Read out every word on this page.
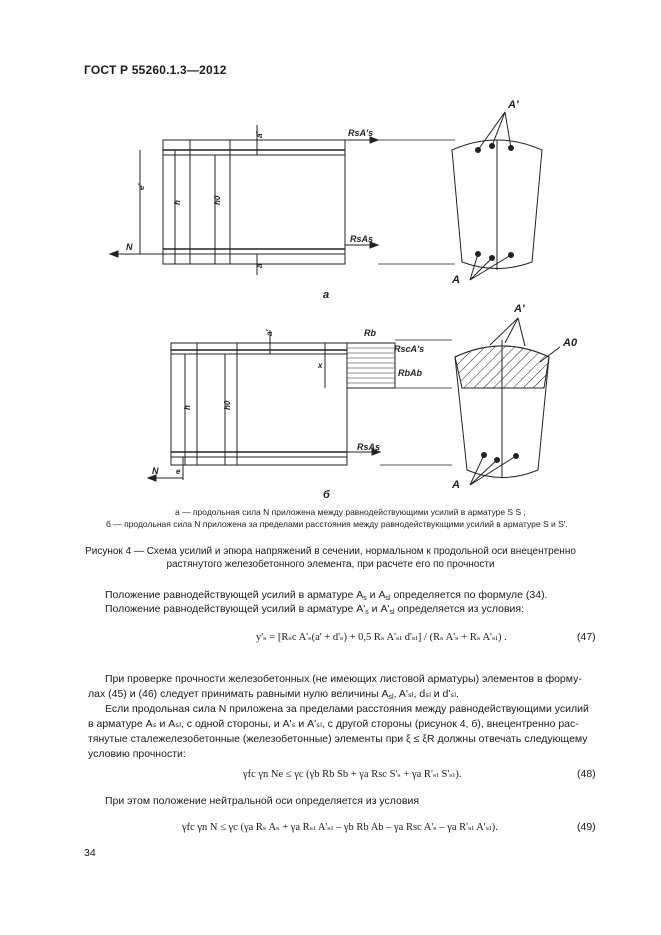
ГОСТ Р 55260.1.3—2012
RsA's
RsAs
N
A'
A
h	h0
e'
a'
a
а
Rb
RscA's
RbAb
RsAs
A0
A'
A
x
h	h0
N e
a'
б
а — продольная сила N приложена между равнодействующими усилий в арматуре S S ;
б — продольная сила N приложена за пределами расстояния между равнодействующими усилий в арматуре S и S'.
Рисунок 4 — Схема усилий и эпюра напряжений в сечении, нормальном к продольной оси внецентренно
растянутого железобетонного элемента, при расчете его по прочности
Положение равнодействующей усилий в арматуре $A_s$ и $A_{sl}$ определяется по формуле (34).
Положение равнодействующей усилий в арматуре $A'_s$ и $A'_{sl}$ определяется из условия:
y'ₛ = [Rₛc A'ₛ(a' + d'ₛ) + 0,5 Rₛ A'ₛₗ d'ₛₗ] / (Rₛ A'ₛ + Rₛ A'ₛₗ) .	(47)
При проверке прочности железобетонных (не имеющих листовой арматуры) элементов в форму-
лах (45) и (46) следует принимать равными нулю величины $A_{sl}$, A'ₛₗ, dₛₗ и d'ₛₗ.
Если продольная сила N приложена за пределами расстояния между равнодействующими усилий
в арматуре Aₛ и Aₛₗ, с одной стороны, и A'ₛ и A'ₛₗ, с другой стороны (рисунок 4, б), внецентренно рас-
тянутые сталежелезобетонные (железобетонные) элементы при ξ ≤ ξR должны отвечать следующему
условию прочности:
γfc γn Ne ≤ γc (γb Rb Sb + γa Rsc S'ₛ + γa R'ₛₗ S'ₛₗ).	(48)
При этом положение нейтральной оси определяется из условия
γfc γn N ≤ γc (γa Rₛ Aₛ + γa Rₛₗ A'ₛₗ – γb Rb Ab – γa Rsc A'ₛ – γa R'ₛₗ A'ₛₗ).	(49)
34
